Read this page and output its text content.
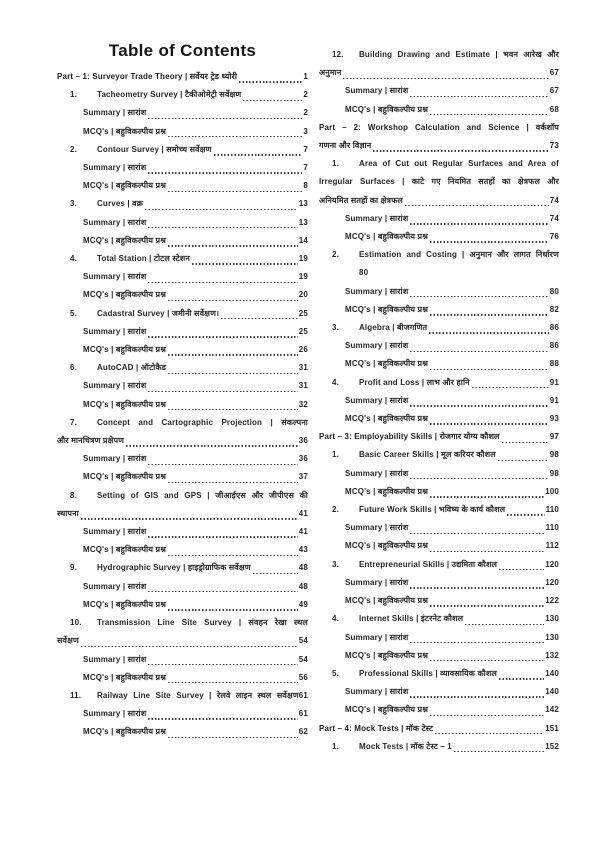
Table of Contents
Part – 1: Surveyor Trade Theory | सर्वेयर ट्रेड थ्योरी	1
1.	Tacheometry Survey | टैकीओमेट्री सर्वेक्षण	2
Summary | सारांश	2
MCQ's | बहुविकल्पीय प्रश्न	3
2.	Contour Survey | समोच्च सर्वेक्षण	7
Summary | सारांश	7
MCQ's | बहुविकल्पीय प्रश्न	8
3.	Curves | वक्र	13
Summary | सारांश	13
MCQ's | बहुविकल्पीय प्रश्न	14
4.	Total Station | टोटल स्टेशन	19
Summary | सारांश	19
MCQ's | बहुविकल्पीय प्रश्न	20
5.	Cadastral Survey | जमीनी सर्वेक्षण।	25
Summary | सारांश	25
MCQ's | बहुविकल्पीय प्रश्न	26
6.	AutoCAD | ऑटोकैड	31
Summary | सारांश	31
MCQ's | बहुविकल्पीय प्रश्न	32
7.	Concept and Cartographic Projection | संकल्पना
और मानचित्रण प्रक्षेपण	36
Summary | सारांश	36
MCQ's | बहुविकल्पीय प्रश्न	37
8.	Setting of GIS and GPS | जीआईएस और जीपीएस की
स्थापना	41
Summary | सारांश	41
MCQ's | बहुविकल्पीय प्रश्न	43
9.	Hydrographic Survey | हाइड्रोग्राफिक सर्वेक्षण	48
Summary | सारांश	48
MCQ's | बहुविकल्पीय प्रश्न	49
10. Transmission Line Site Survey | संवहन रेखा स्थल
सर्वेक्षण	54
Summary | सारांश	54
MCQ's | बहुविकल्पीय प्रश्न	56
11. Railway Line Site Survey | रेलवे लाइन स्थल सर्वेक्षण61
Summary | सारांश	61
MCQ's | बहुविकल्पीय प्रश्न	62
12. Building Drawing and Estimate | भवन आरेख और
अनुमान	67
Summary | सारांश	67
MCQ's | बहुविकल्पीय प्रश्न	68
Part – 2: Workshop Calculation and Science | वर्कशॉप
गणना और विज्ञान	73
1.	Area of Cut out Regular Surfaces and Area of
Irregular Surfaces | काटे गए नियमित सतहों का क्षेत्रफल और
अनियमित सतहों का क्षेत्रफल	74
Summary | सारांश	74
MCQ's | बहुविकल्पीय प्रश्न	76
2.	Estimation and Costing | अनुमान और लागत निर्धारण
80
Summary | सारांश	80
MCQ's | बहुविकल्पीय प्रश्न	82
3.	Algebra | बीजगणित	86
Summary | सारांश	86
MCQ's | बहुविकल्पीय प्रश्न	88
4.	Profit and Loss | लाभ और हानि	91
Summary | सारांश	91
MCQ's | बहुविकल्पीय प्रश्न	93
Part – 3: Employability Skills | रोजगार योग्य कौशल	97
1.	Basic Career Skills | मूल करियर कौशल	98
Summary | सारांश	98
MCQ's | बहुविकल्पीय प्रश्न	100
2.	Future Work Skills | भविष्य के कार्य कौशल	110
Summary | सारांश	110
MCQ's | बहुविकल्पीय प्रश्न	112
3.	Entrepreneurial Skills | उद्यमिता कौशल	120
Summary | सारांश	120
MCQ's | बहुविकल्पीय प्रश्न	122
4.	Internet Skills | इंटरनेट कौशल	130
Summary | सारांश	130
MCQ's | बहुविकल्पीय प्रश्न	132
5.	Professional Skills | व्यावसायिक कौशल	140
Summary | सारांश	140
MCQ's | बहुविकल्पीय प्रश्न	142
Part – 4: Mock Tests | मॉक टेस्ट	151
1.	Mock Tests | मॉक टेस्ट – 1	152
